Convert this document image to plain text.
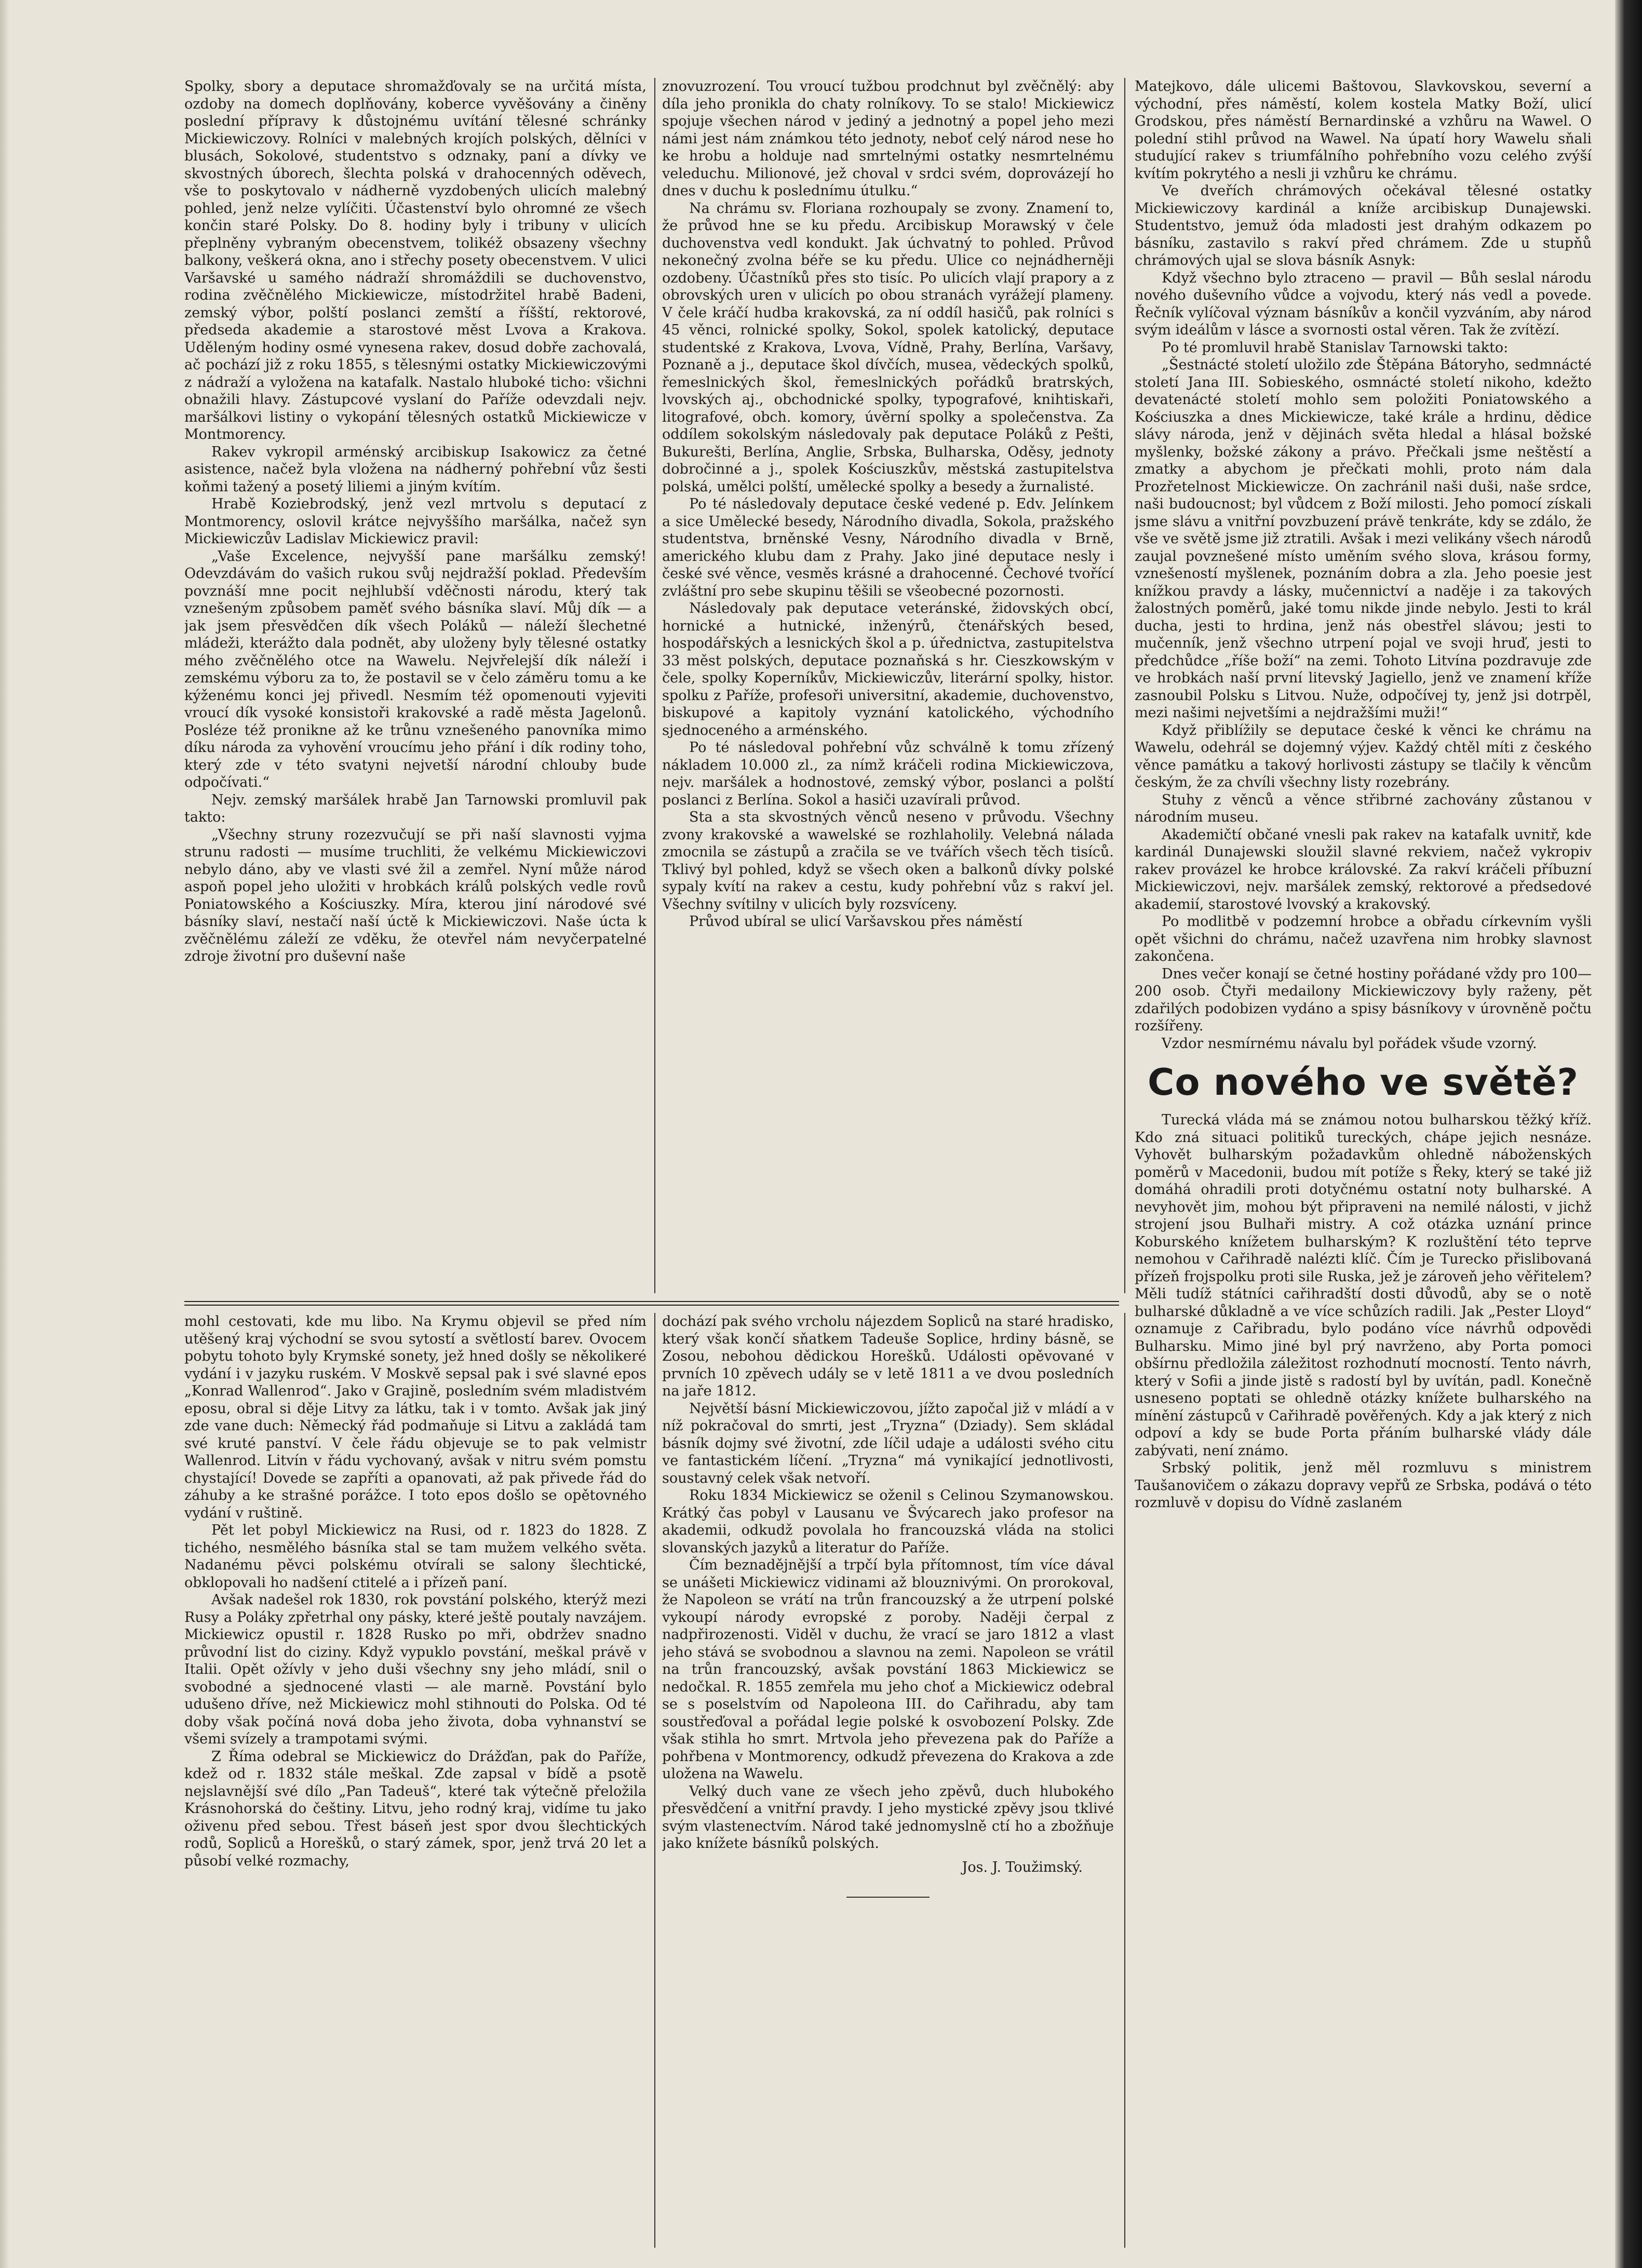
Spolky, sbory a deputace shromažďovaly se na určitá místa, ozdoby na domech doplňovány, koberce vyvěšovány a činěny poslední přípravy k důstojnému uvítání tělesné schránky Mickiewiczovy. Rolníci v malebných krojích polských, dělníci v blusách, Sokolové, studentstvo s odznaky, paní a dívky ve skvostných úborech, šlechta polská v drahocenných oděvech, vše to poskytovalo v nádherně vyzdobených ulicích malebný pohled, jenž nelze vylíčiti. Účastenství bylo ohromné ze všech končin staré Polsky. Do 8. hodiny byly i tribuny v ulicích přeplněny vybraným obecenstvem, tolikéž obsazeny všechny balkony, veškerá okna, ano i střechy posety obecenstvem. V ulici Varšavské u samého nádraží shromáždili se duchovenstvo, rodina zvěčnělého Mickiewicze, místodržitel hrabě Badeni, zemský výbor, polští poslanci zemští a říšští, rektorové, předseda akademie a starostové měst Lvova a Krakova. Uděleným hodiny osmé vynesena rakev, dosud dobře zachovalá, ač pochází již z roku 1855, s tělesnými ostatky Mickiewiczovými z nádraží a vyložena na katafalk. Nastalo hluboké ticho: všichni obnažili hlavy. Zástupcové vyslaní do Paříže odevzdali nejv. maršálkovi listiny o vykopání tělesných ostatků Mickiewicze v Montmorency.

Rakev vykropil arménský arcibiskup Isakowicz za četné asistence, načež byla vložena na nádherný pohřební vůz šesti koňmi tažený a posetý liliemi a jiným kvítím.

Hrabě Koziebrodský, jenž vezl mrtvolu s deputací z Montmorency, oslovil krátce nejvyššího maršálka, načež syn Mickiewiczův Ladislav Mickiewicz pravil:

„Vaše Excelence, nejvyšší pane maršálku zemský! Odevzdávám do vašich rukou svůj nejdražší poklad. Především povznáší mne pocit nejhlubší vděčnosti národu, který tak vznešeným způsobem paměť svého básníka slaví. Můj dík — a jak jsem přesvědčen dík všech Poláků — náleží šlechetné mládeži, kterážto dala podnět, aby uloženy byly tělesné ostatky mého zvěčnělého otce na Wawelu. Nejvřelejší dík náleží i zemskému výboru za to, že postavil se v čelo záměru tomu a ke kýženému konci jej přivedl. Nesmím též opomenouti vyjeviti vroucí dík vysoké konsistoři krakovské a radě města Jagelonů. Posléze též pronikne až ke trůnu vznešeného panovníka mimo díku národa za vyhovění vroucímu jeho přání i dík rodiny toho, který zde v této svatyni nejvetší národní chlouby bude odpočívati.“

Nejv. zemský maršálek hrabě Jan Tarnowski promluvil pak takto:

„Všechny struny rozezvučují se při naší slavnosti vyjma strunu radosti — musíme truchliti, že velkému Mickiewiczovi nebylo dáno, aby ve vlasti své žil a zemřel. Nyní může národ aspoň popel jeho uložiti v hrobkách králů polských vedle rovů Poniatowského a Kościuszky. Míra, kterou jiní národové své básníky slaví, nestačí naší úctě k Mickiewiczovi. Naše úcta k zvěčnělému záleží ze vděku, že otevřel nám nevyčerpatelné zdroje životní pro duševní naše

znovuzrození. Tou vroucí tužbou prodchnut byl zvěčnělý: aby díla jeho pronikla do chaty rolníkovy. To se stalo! Mickiewicz spojuje všechen národ v jediný a jednotný a popel jeho mezi námi jest nám známkou této jednoty, neboť celý národ nese ho ke hrobu a holduje nad smrtelnými ostatky nesmrtelnému veleduchu. Milionové, jež choval v srdci svém, doprovázejí ho dnes v duchu k poslednímu útulku.“

Na chrámu sv. Floriana rozhoupaly se zvony. Znamení to, že průvod hne se ku předu. Arcibiskup Morawský v čele duchovenstva vedl kondukt. Jak úchvatný to pohled. Průvod nekonečný zvolna béře se ku předu. Ulice co nejnádherněji ozdobeny. Účastníků přes sto tisíc. Po ulicích vlají prapory a z obrovských uren v ulicích po obou stranách vyrážejí plameny. V čele kráčí hudba krakovská, za ní oddíl hasičů, pak rolníci s 45 věnci, rolnické spolky, Sokol, spolek katolický, deputace studentské z Krakova, Lvova, Vídně, Prahy, Berlína, Varšavy, Poznaně a j., deputace škol dívčích, musea, vědeckých spolků, řemeslnických škol, řemeslnických pořádků bratrských, lvovských aj., obchodnické spolky, typografové, knihtiskaři, litografové, obch. komory, úvěrní spolky a společenstva. Za oddílem sokolským následovaly pak deputace Poláků z Pešti, Bukurešti, Berlína, Anglie, Srbska, Bulharska, Oděsy, jednoty dobročinné a j., spolek Kościuszkův, městská zastupitelstva polská, umělci polští, umělecké spolky a besedy a žurnalisté.

Po té následovaly deputace české vedené p. Edv. Jelínkem a sice Umělecké besedy, Národního divadla, Sokola, pražského studentstva, brněnské Vesny, Národního divadla v Brně, amerického klubu dam z Prahy. Jako jiné deputace nesly i české své věnce, vesměs krásné a drahocenné. Čechové tvořící zvláštní pro sebe skupinu těšili se všeobecné pozornosti.

Následovaly pak deputace veteránské, židovských obcí, hornické a hutnické, inženýrů, čtenářských besed, hospodářských a lesnických škol a p. úřednictva, zastupitelstva 33 měst polských, deputace poznaňská s hr. Cieszkowským v čele, spolky Koperníkův, Mickiewiczův, literární spolky, histor. spolku z Paříže, profesoři universitní, akademie, duchovenstvo, biskupové a kapitoly vyznání katolického, východního sjednoceného a arménského.

Po té následoval pohřební vůz schválně k tomu zřízený nákladem 10.000 zl., za nímž kráčeli rodina Mickiewiczova, nejv. maršálek a hodnostové, zemský výbor, poslanci a polští poslanci z Berlína. Sokol a hasiči uzavírali průvod.

Sta a sta skvostných věnců neseno v průvodu. Všechny zvony krakovské a wawelské se rozhlaholily. Velebná nálada zmocnila se zástupů a zračila se ve tvářích všech těch tisíců. Tklivý byl pohled, když se všech oken a balkonů dívky polské sypaly kvítí na rakev a cestu, kudy pohřební vůz s rakví jel. Všechny svítilny v ulicích byly rozsvíceny.

Průvod ubíral se ulicí Varšavskou přes náměstí

Matejkovo, dále ulicemi Baštovou, Slavkovskou, severní a východní, přes náměstí, kolem kostela Matky Boží, ulicí Grodskou, přes náměstí Bernardinské a vzhůru na Wawel. O polední stihl průvod na Wawel. Na úpatí hory Wawelu sňali studující rakev s triumfálního pohřebního vozu celého zvýší kvítím pokrytého a nesli ji vzhůru ke chrámu.

Ve dveřích chrámových očekával tělesné ostatky Mickiewiczovy kardinál a kníže arcibiskup Dunajewski. Studentstvo, jemuž óda mladosti jest drahým odkazem po básníku, zastavilo s rakví před chrámem. Zde u stupňů chrámových ujal se slova básník Asnyk:

Když všechno bylo ztraceno — pravil — Bůh seslal národu nového duševního vůdce a vojvodu, který nás vedl a povede. Řečník vylíčoval význam básníkův a končil vyzváním, aby národ svým ideálům v lásce a svornosti ostal věren. Tak že zvítězí.

Po té promluvil hrabě Stanislav Tarnowski takto:

„Šestnácté století uložilo zde Štěpána Bátoryho, sedmnácté století Jana III. Sobieského, osmnácté století nikoho, kdežto devatenácté století mohlo sem položiti Poniatowského a Kościuszka a dnes Mickiewicze, také krále a hrdinu, dědice slávy národa, jenž v dějinách světa hledal a hlásal božské myšlenky, božské zákony a právo. Přečkali jsme neštěstí a zmatky a abychom je přečkati mohli, proto nám dala Prozřetelnost Mickiewicze. On zachránil naši duši, naše srdce, naši budoucnost; byl vůdcem z Boží milosti. Jeho pomocí získali jsme slávu a vnitřní povzbuzení právě tenkráte, kdy se zdálo, že vše ve světě jsme již ztratili. Avšak i mezi velikány všech národů zaujal povznešené místo uměním svého slova, krásou formy, vznešeností myšlenek, poznáním dobra a zla. Jeho poesie jest knížkou pravdy a lásky, mučennictví a naděje i za takových žalostných poměrů, jaké tomu nikde jinde nebylo. Jesti to král ducha, jesti to hrdina, jenž nás obestřel slávou; jesti to mučenník, jenž všechno utrpení pojal ve svoji hruď, jesti to předchůdce „říše boží“ na zemi. Tohoto Litvína pozdravuje zde ve hrobkách naší první litevský Jagiello, jenž ve znamení kříže zasnoubil Polsku s Litvou. Nuže, odpočívej ty, jenž jsi dotrpěl, mezi našimi nejvetšími a nejdražšími muži!“

Když přiblížily se deputace české k věnci ke chrámu na Wawelu, odehrál se dojemný výjev. Každý chtěl míti z českého věnce památku a takový horlivosti zástupy se tlačily k věncům českým, že za chvíli všechny listy rozebrány.

Stuhy z věnců a věnce střibrné zachovány zůstanou v národním museu.

Akademičtí občané vnesli pak rakev na katafalk uvnitř, kde kardinál Dunajewski sloužil slavné rekviem, načež vykropiv rakev provázel ke hrobce královské. Za rakví kráčeli příbuzní Mickiewiczovi, nejv. maršálek zemský, rektorové a předsedové akademií, starostové lvovský a krakovský.

Po modlitbě v podzemní hrobce a obřadu církevním vyšli opět všichni do chrámu, načež uzavřena nim hrobky slavnost zakončena.

Dnes večer konají se četné hostiny pořádané vždy pro 100—200 osob. Čtyři medailony Mickiewiczovy byly raženy, pět zdařilých podobizen vydáno a spisy básníkovy v úrovněně počtu rozšířeny.

Vzdor nesmírnému návalu byl pořádek všude vzorný.

Co nového ve světě?

Turecká vláda má se známou notou bulharskou těžký kříž. Kdo zná situaci politiků tureckých, chápe jejich nesnáze. Vyhovět bulharským požadavkům ohledně náboženských poměrů v Macedonii, budou mít potíže s Řeky, který se také již domáhá ohradili proti dotyčnému ostatní noty bulharské. A nevyhovět jim, mohou být připraveni na nemilé nálosti, v jichž strojení jsou Bulhaři mistry. A což otázka uznání prince Koburského knížetem bulharským? K rozluštění této teprve nemohou v Cařihradě nalézti klíč. Čím je Turecko přislibovaná přízeň frojspolku proti sile Ruska, jež je zároveň jeho věřitelem? Měli tudíž státníci cařihradští dosti důvodů, aby se o notě bulharské důkladně a ve více schůzích radili. Jak „Pester Lloyd“ oznamuje z Cařibradu, bylo podáno více návrhů odpovědi Bulharsku. Mimo jiné byl prý navrženo, aby Porta pomoci obšírnu předložila záležitost rozhodnutí mocností. Tento návrh, který v Sofii a jinde jistě s radostí byl by uvítán, padl. Konečně usneseno poptati se ohledně otázky knížete bulharského na mínění zástupců v Cařihradě pověřených. Kdy a jak který z nich odpoví a kdy se bude Porta přáním bulharské vlády dále zabývati, není známo.

Srbský politik, jenž měl rozmluvu s ministrem Taušanovičem o zákazu dopravy vepřů ze Srbska, podává o této rozmluvě v dopisu do Vídně zaslaném

mohl cestovati, kde mu libo. Na Krymu objevil se před ním utěšený kraj východní se svou sytostí a světlostí barev. Ovocem pobytu tohoto byly Krymské sonety, jež hned došly se několikeré vydání i v jazyku ruském. V Moskvě sepsal pak i své slavné epos „Konrad Wallenrod“. Jako v Grajině, posledním svém mladistvém eposu, obral si děje Litvy za látku, tak i v tomto. Avšak jak jiný zde vane duch: Německý řád podmaňuje si Litvu a zakládá tam své kruté panství. V čele řádu objevuje se to pak velmistr Wallenrod. Litvín v řádu vychovaný, avšak v nitru svém pomstu chystající! Dovede se zapříti a opanovati, až pak přivede řád do záhuby a ke strašné porážce. I toto epos došlo se opětovného vydání v ruštině.

Pět let pobyl Mickiewicz na Rusi, od r. 1823 do 1828. Z tichého, nesmělého básníka stal se tam mužem velkého světa. Nadanému pěvci polskému otvírali se salony šlechtické, obklopovali ho nadšení ctitelé a i přízeň paní.

Avšak nadešel rok 1830, rok povstání polského, kterýž mezi Rusy a Poláky zpřetrhal ony pásky, které ještě poutaly navzájem. Mickiewicz opustil r. 1828 Rusko po mři, obdržev snadno průvodní list do ciziny. Když vypuklo povstání, meškal právě v Italii. Opět ožívly v jeho duši všechny sny jeho mládí, snil o svobodné a sjednocené vlasti — ale marně. Povstání bylo udušeno dříve, než Mickiewicz mohl stihnouti do Polska. Od té doby však počíná nová doba jeho života, doba vyhnanství se všemi svízely a trampotami svými.

Z Říma odebral se Mickiewicz do Drážďan, pak do Paříže, kdež od r. 1832 stále meškal. Zde zapsal v bídě a psotě nejslavnější své dílo „Pan Tadeuš“, které tak výtečně přeložila Krásnohorská do češtiny. Litvu, jeho rodný kraj, vidíme tu jako oživenu před sebou. Třest báseň jest spor dvou šlechtických rodů, Sopliců a Horešků, o starý zámek, spor, jenž trvá 20 let a působí velké rozmachy,

dochází pak svého vrcholu nájezdem Sopliců na staré hradisko, který však končí sňatkem Tadeuše Soplice, hrdiny básně, se Zosou, nebohou dědickou Horešků. Události opěvované v prvních 10 zpěvech udály se v letě 1811 a ve dvou posledních na jaře 1812.

Největší básní Mickiewiczovou, jížto započal již v mládí a v níž pokračoval do smrti, jest „Tryzna“ (Dziady). Sem skládal básník dojmy své životní, zde líčil udaje a události svého citu ve fantastickém líčení. „Tryzna“ má vynikající jednotlivosti, soustavný celek však netvoří.

Roku 1834 Mickiewicz se oženil s Celinou Szymanowskou. Krátký čas pobyl v Lausanu ve Švýcarech jako profesor na akademii, odkudž povolala ho francouzská vláda na stolici slovanských jazyků a literatur do Paříže.

Čím beznadějnější a trpčí byla přítomnost, tím více dával se unášeti Mickiewicz vidinami až blouznivými. On prorokoval, že Napoleon se vrátí na trůn francouzský a že utrpení polské vykoupí národy evropské z poroby. Naději čerpal z nadpřirozenosti. Viděl v duchu, že vrací se jaro 1812 a vlast jeho stává se svobodnou a slavnou na zemi. Napoleon se vrátil na trůn francouzský, avšak povstání 1863 Mickiewicz se nedočkal. R. 1855 zemřela mu jeho choť a Mickiewicz odebral se s poselstvím od Napoleona III. do Cařihradu, aby tam soustřeďoval a pořádal legie polské k osvobození Polsky. Zde však stihla ho smrt. Mrtvola jeho převezena pak do Paříže a pohřbena v Montmorency, odkudž převezena do Krakova a zde uložena na Wawelu.

Velký duch vane ze všech jeho zpěvů, duch hlubokého přesvědčení a vnitřní pravdy. I jeho mystické zpěvy jsou tklivé svým vlastenectvím. Národ také jednomyslně ctí ho a zbožňuje jako knížete básníků polských.

Jos. J. Toužimský.
